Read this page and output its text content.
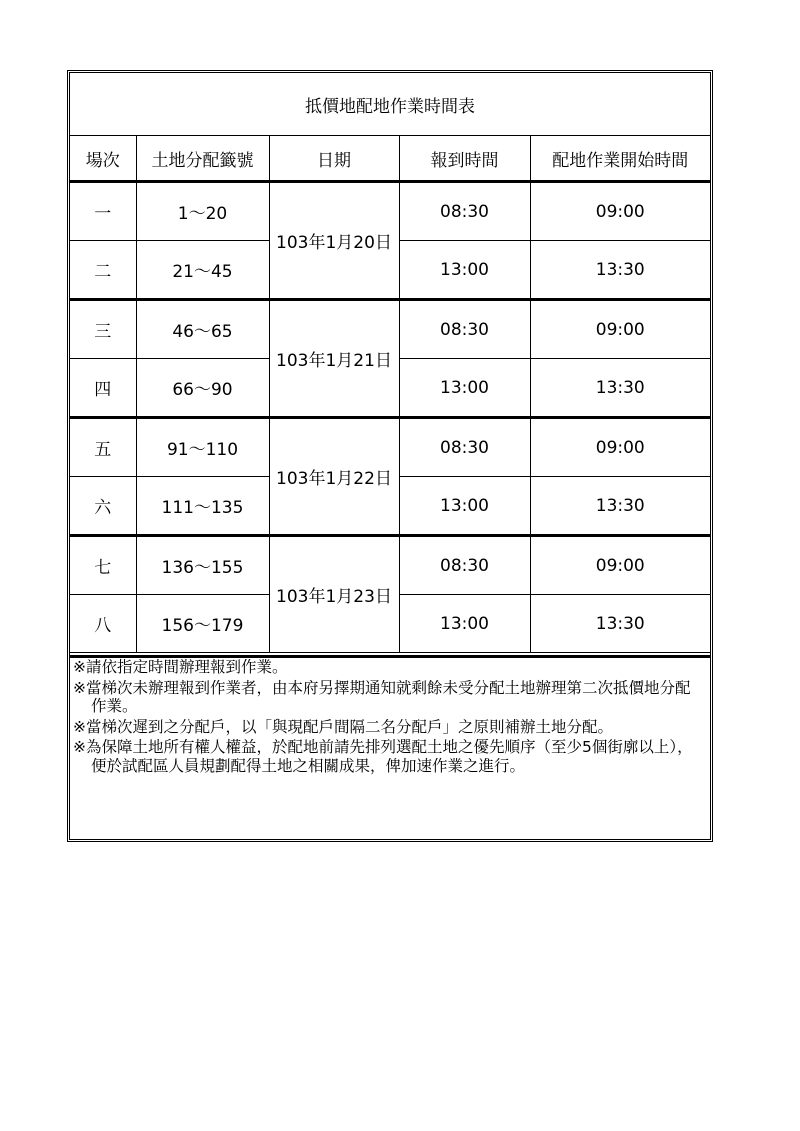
抵價地配地作業時間表
場次	土地分配籤號	日期	報到時間	配地作業開始時間
一	1～20	103年1月20日	08:30	09:00
二	21～45		13:00	13:30
三	46～65	103年1月21日	08:30	09:00
四	66～90		13:00	13:30
五	91～110	103年1月22日	08:30	09:00
六	111～135		13:00	13:30
七	136～155	103年1月23日	08:30	09:00
八	156～179		13:00	13:30

※請依指定時間辦理報到作業。

※當梯次未辦理報到作業者，由本府另擇期通知就剩餘未受分配土地辦理第二次抵價地分配作業。

※當梯次遲到之分配戶，以「與現配戶間隔二名分配戶」之原則補辦土地分配。

※為保障土地所有權人權益，於配地前請先排列選配土地之優先順序（至少5個街廓以上），便於試配區人員規劃配得土地之相關成果，俾加速作業之進行。
